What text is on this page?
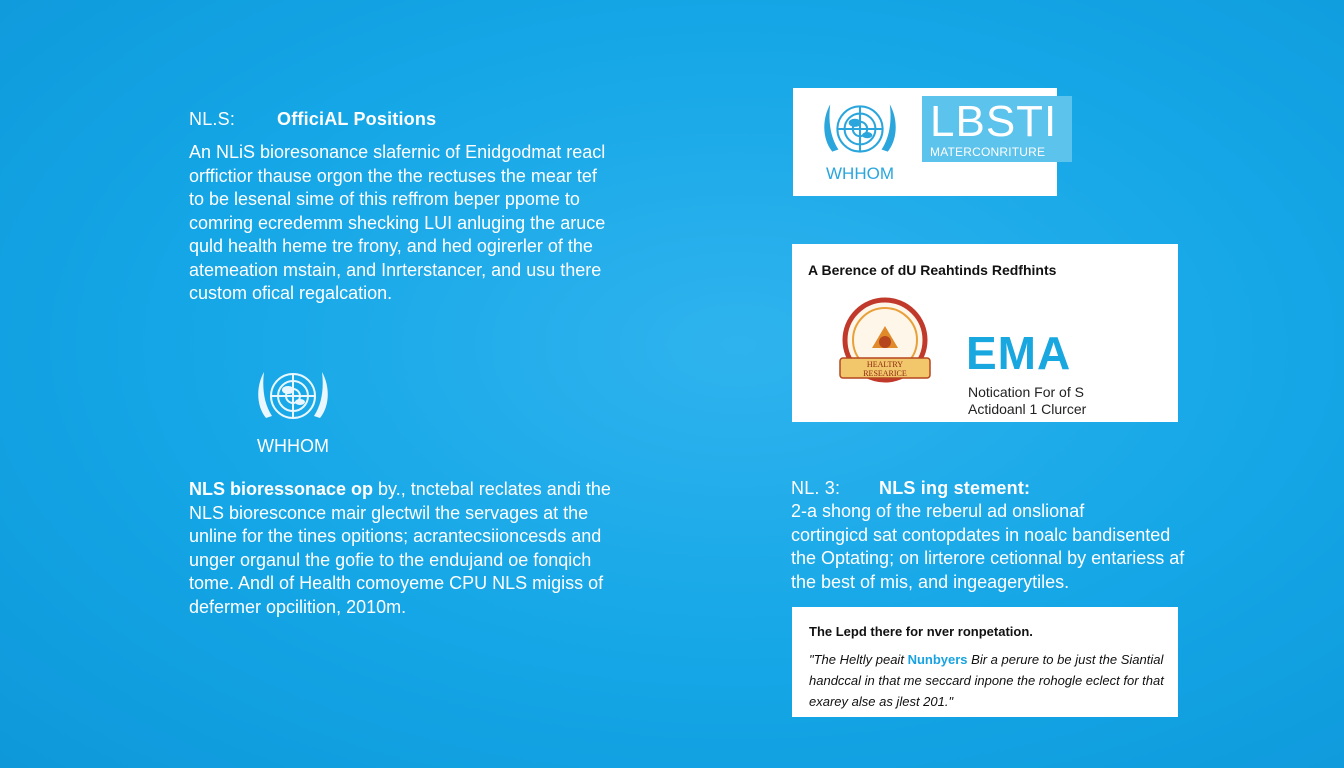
NL.S: OfficiAL Positions
An NLiS bioresonance slafernic of Enidgodmat reacl
orffictior thause orgon the the rectuses the mear tef
to be lesenal sime of this reffrom beper ppome to
comring ecredemm shecking LUI anluging the aruce
quld health heme tre frony, and hed ogirerler of the
atemeation mstain, and Inrterstancer, and usu there
custom ofical regalcation.
WHHOM
NLS bioressonace op by., tnctebal reclates andi the
NLS bioresconce mair glectwil the servages at the
unline for the tines opitions; acrantecsiioncesds and
unger organul the gofie to the endujand oe fonqich
tome. Andl of Health comoyeme CPU NLS migiss of
defermer opcilition, 2010m.
WHHOM
LBSTI
MATERCONRITURE
A Berence of dU Reahtinds Redfhints
HEALTRY
RESEARICE EMA
Notication For of S
Actidoanl 1 Clurcer
NL. 3: NLS ing stement:
2-a shong of the reberul ad onslionaf
cortingicd sat contopdates in noalc bandisented
the Optating; on lirterore cetionnal by entariess af
the best of mis, and ingeagerytiles.
The Lepd there for nver ronpetation.
"The Heltly peait Nunbyers Bir a perure to be just the Siantial
handccal in that me seccard inpone the rohogle eclect for that
exarey alse as jlest 201."
